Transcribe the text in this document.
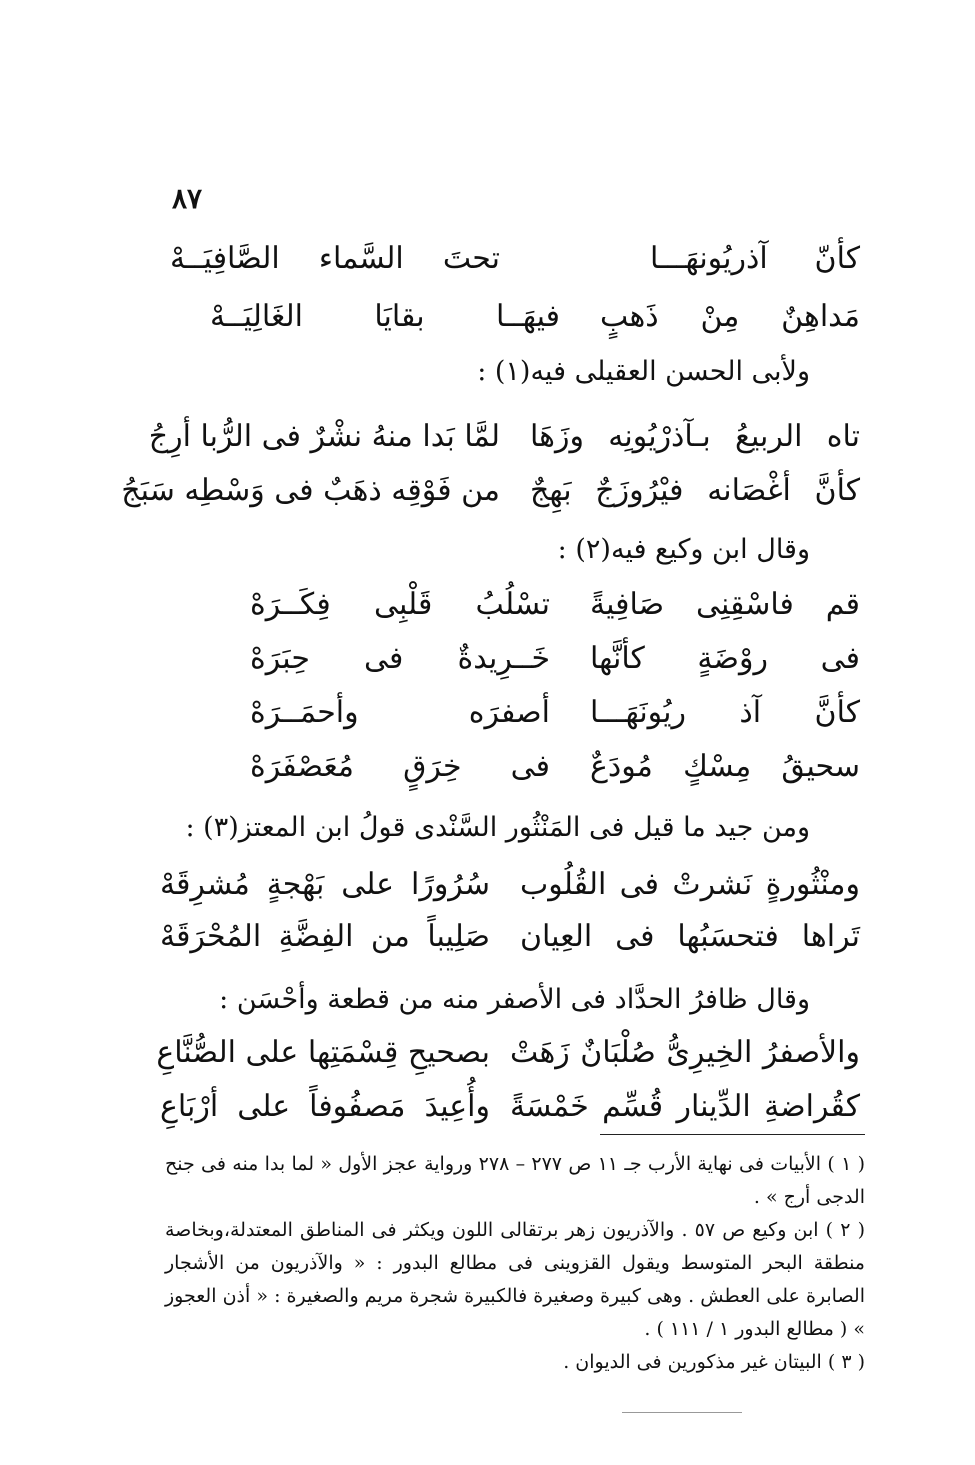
٨٧
كأنّ آذريُونهَـــا
تحتَ السَّماء الصَّافِيَــهْ
مَداهِنٌ مِنْ ذَهبٍ
فيهَــا بقايَا الغَالِيَــهْ
ولأبى الحسن العقيلى فيه(١) :
تاه الربيعُ بـآذرْيُونِه وزَهَا
لمَّا بَدا منهُ نشْرٌ فى الرُّبا أرِجُ
كأنَّ أغْصَانه فيْرُوزَجٌ بَهِجٌ
من فَوْقِه ذهَبٌ فى وَسْطِه سَبَجُ
وقال ابن وكيع فيه(٢) :
قم فاسْقِنِى صَافِيةً
تسْلُبُ قَلْبِى فِكَــرَهْ
فى روْضَةٍ كأنَّها
خَــرِيدةٌ فى حِبَرَهْ
كأنَّ آذ ريُونَهَـــا
أصفرَه وأحمَــرَهْ
سحيقُ مِسْكٍ مُودَعٌ
فى خِرَقٍ مُعَصْفَرَهْ
ومن جيد ما قيل فى المَنْثُور السَّنْدى قولُ ابن المعتز(٣) :
ومنْثُورةٍ نَشرتْ فى القُلُوب
سُرُورًا على بَهْجةٍ مُشرِقَهْ
تَراها فتحسَبُها فى العِيان
صَلِيباً من الفِضَّةِ المُحْرَقَهْ
وقال ظافرُ الحدَّاد فى الأصفر منه من قطعة وأحْسَن :
والأصفرُ الخِيرِىُّ صُلْبَانٌ زَهَتْ
بصحيحِ قِسْمَتِها على الصُّنَّاعِ
كقُراضةِ الدِّينار قُسِّم خَمْسَةً
وأُعِيدَ مَصفُوفاً على أرْبَاعِ

( ١ ) الأبيات فى نهاية الأرب جـ ١١ ص ٢٧٧ – ٢٧٨ ورواية عجز الأول « لما بدا منه فى جنح الدجى أرج » .

( ٢ ) ابن وكيع ص ٥٧ . والآذريون زهر برتقالى اللون ويكثر فى المناطق المعتدلة،وبخاصة منطقة البحر المتوسط ويقول القزوينى فى مطالع البدور : « والآذريون من الأشجار الصابرة على العطش . وهى كبيرة وصغيرة فالكبيرة شجرة مريم والصغيرة : « أذن العجوز » ( مطالع البدور ١ / ١١١ ) .

( ٣ ) البيتان غير مذكورين فى الديوان .
